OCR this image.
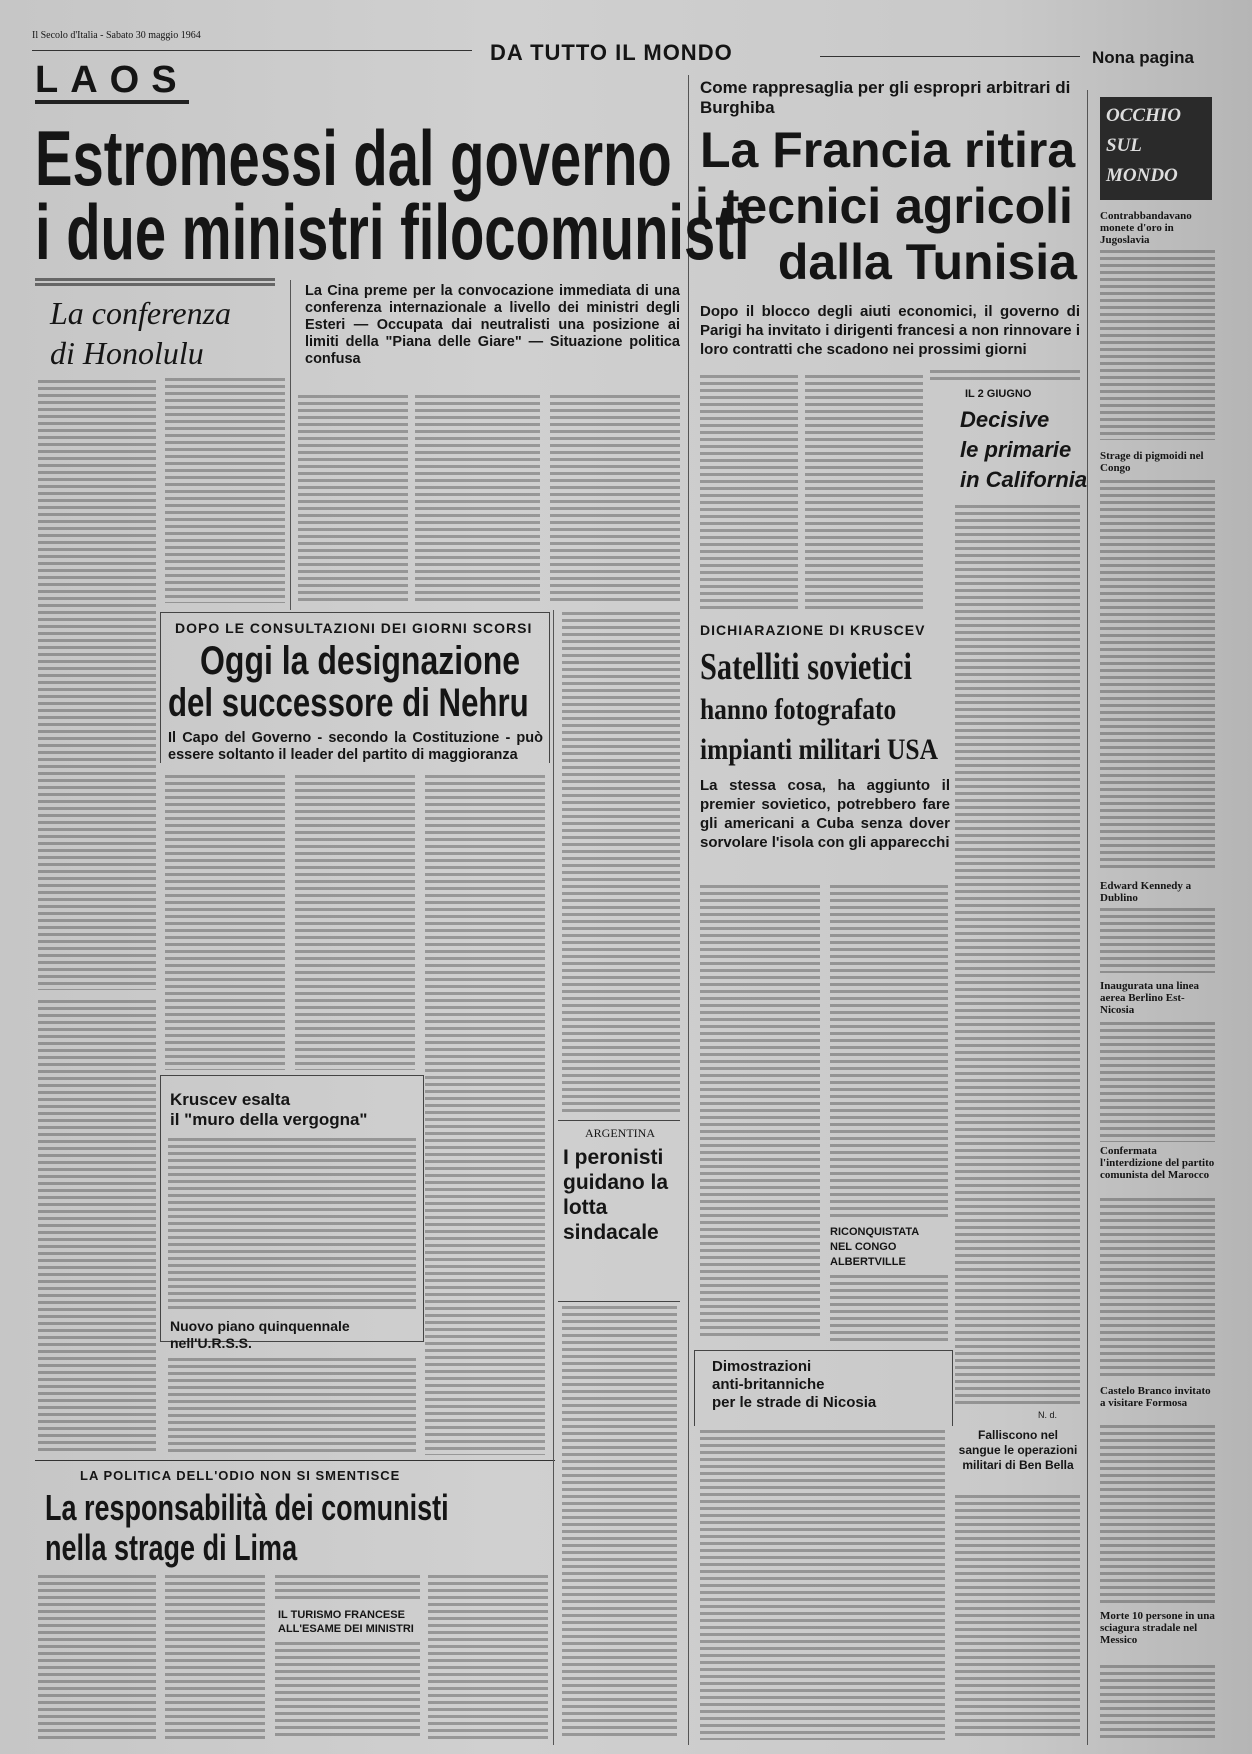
Il Secolo d'Italia - Sabato 30 maggio 1964
DA TUTTO IL MONDO	Nona pagina
LAOS
Estromessi dal governo
i due ministri filocomunisti
La conferenza
di Honolulu
La Cina preme per la convocazione immediata di una conferenza internazionale a livello dei ministri degli Esteri — Occupata dai neutralisti una posizione ai limiti della "Piana delle Giare" — Situazione politica confusa
Come rappresaglia per gli espropri arbitrari di Burghiba
La Francia ritira
i tecnici agricoli
dalla Tunisia
Dopo il blocco degli aiuti economici, il governo di Parigi ha invitato i dirigenti francesi a non rinnovare i loro contratti che scadono nei prossimi giorni
IL 2 GIUGNO
Decisive
le primarie
in California
OCCHIO
SUL
MONDO
Contrabbandavano monete d'oro in Jugoslavia
Strage di pigmoidi nel Congo
Edward Kennedy a Dublino
Inaugurata una linea aerea Berlino Est-Nicosia
Confermata l'interdizione del partito comunista del Marocco
Castelo Branco invitato a visitare Formosa
Morte 10 persone in una sciagura stradale nel Messico
DOPO LE CONSULTAZIONI DEI GIORNI SCORSI
Oggi la designazione
del successore di Nehru
Il Capo del Governo - secondo la Costituzione - può essere soltanto il leader del partito di maggioranza
DICHIARAZIONE DI KRUSCEV
Satelliti sovietici
hanno fotografato
impianti militari USA
La stessa cosa, ha aggiunto il premier sovietico, potrebbero fare gli americani a Cuba senza dover sorvolare l'isola con gli apparecchi
RICONQUISTATA NEL CONGO ALBERTVILLE
Kruscev esalta
il "muro della vergogna"
Nuovo piano quinquennale
nell'U.R.S.S.
ARGENTINA
I peronisti guidano la lotta sindacale
Dimostrazioni
anti-britanniche
per le strade di Nicosia
N. d.
Falliscono nel sangue le operazioni militari di Ben Bella
LA POLITICA DELL'ODIO NON SI SMENTISCE
La responsabilità dei comunisti
nella strage di Lima
IL TURISMO FRANCESE ALL'ESAME DEI MINISTRI
